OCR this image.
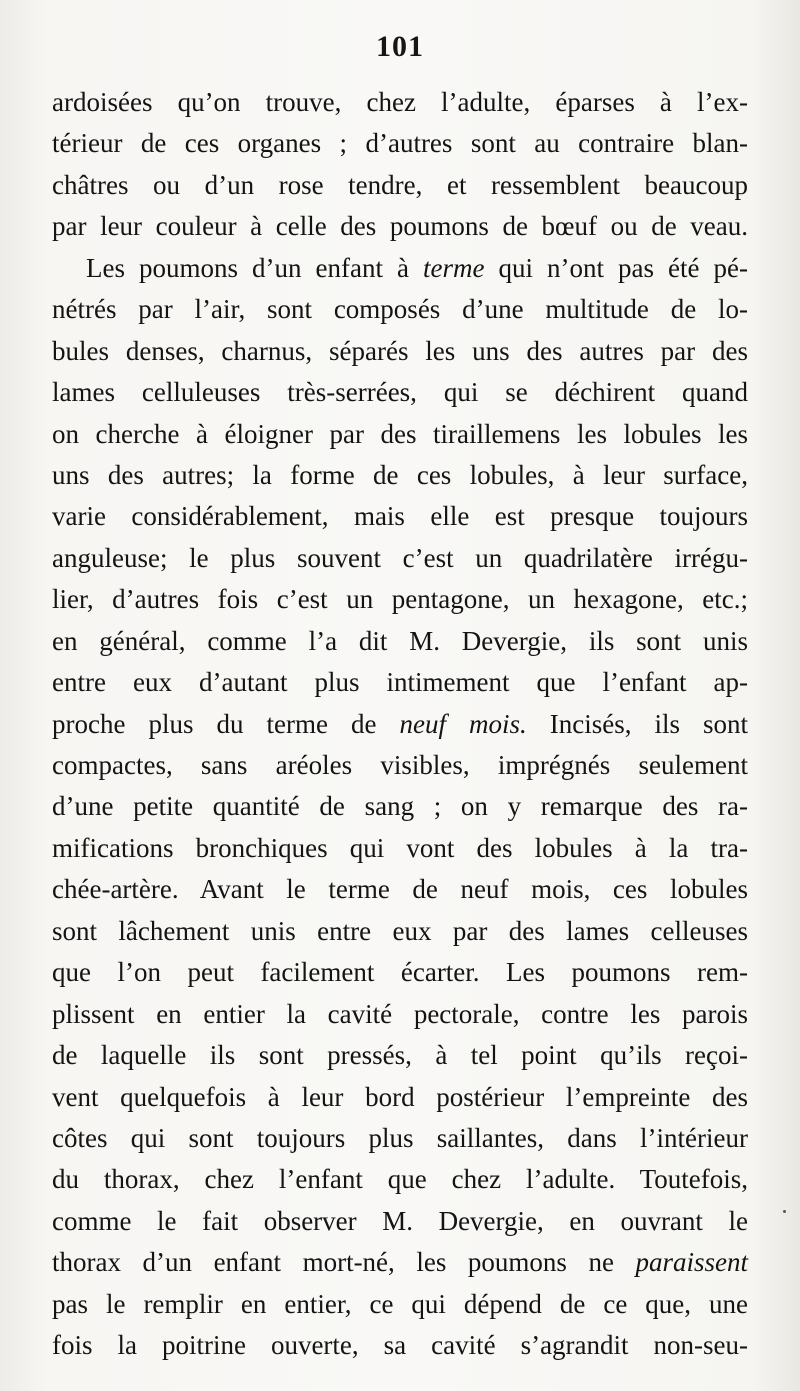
101
ardoisées qu’on trouve, chez l’adulte, éparses à l’ex-
térieur de ces organes ; d’autres sont au contraire blan-
châtres ou d’un rose tendre, et ressemblent beaucoup
par leur couleur à celle des poumons de bœuf ou de veau.
Les poumons d’un enfant à terme qui n’ont pas été pé-
nétrés par l’air, sont composés d’une multitude de lo-
bules denses, charnus, séparés les uns des autres par des
lames celluleuses très-serrées, qui se déchirent quand
on cherche à éloigner par des tiraillemens les lobules les
uns des autres; la forme de ces lobules, à leur surface,
varie considérablement, mais elle est presque toujours
anguleuse; le plus souvent c’est un quadrilatère irrégu-
lier, d’autres fois c’est un pentagone, un hexagone, etc.;
en général, comme l’a dit M. Devergie, ils sont unis
entre eux d’autant plus intimement que l’enfant ap-
proche plus du terme de neuf mois. Incisés, ils sont
compactes, sans aréoles visibles, imprégnés seulement
d’une petite quantité de sang ; on y remarque des ra-
mifications bronchiques qui vont des lobules à la tra-
chée-artère. Avant le terme de neuf mois, ces lobules
sont lâchement unis entre eux par des lames celleuses
que l’on peut facilement écarter. Les poumons rem-
plissent en entier la cavité pectorale, contre les parois
de laquelle ils sont pressés, à tel point qu’ils reçoi-
vent quelquefois à leur bord postérieur l’empreinte des
côtes qui sont toujours plus saillantes, dans l’intérieur
du thorax, chez l’enfant que chez l’adulte. Toutefois,
comme le fait observer M. Devergie, en ouvrant le
thorax d’un enfant mort-né, les poumons ne paraissent
pas le remplir en entier, ce qui dépend de ce que, une
fois la poitrine ouverte, sa cavité s’agrandit non-seu-
